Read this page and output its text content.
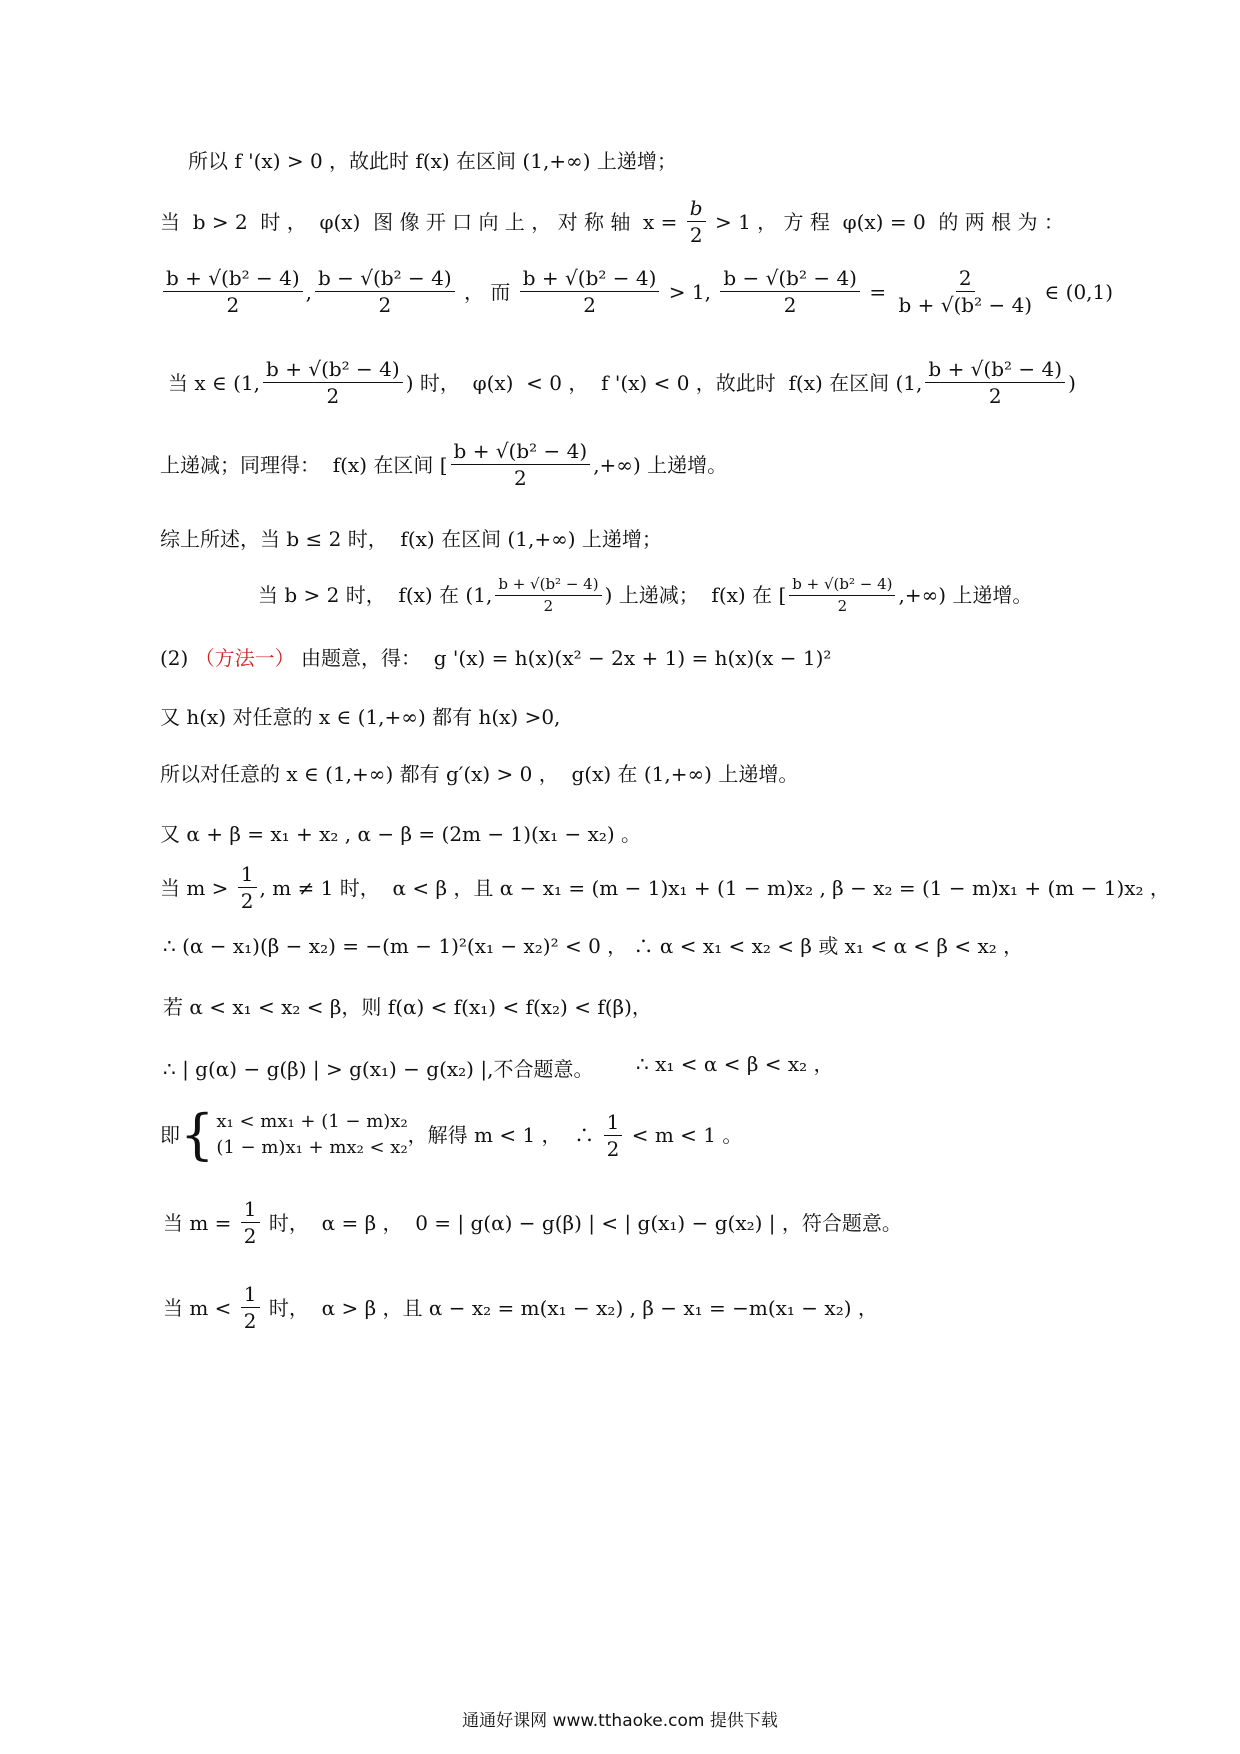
所以 f '(x) > 0 ，故此时 f(x) 在区间 (1,+∞) 上递增；
当  b > 2  时 ，  φ(x)  图 像 开 口 向 上 ， 对 称 轴  $x = \frac{b}{2} > 1$ ， 方 程  φ(x) = 0  的 两 根 为 ：
$\frac{\text{b + √(b² − 4)}}{2}$ , $\frac{\text{b − √(b² − 4)}}{2}$ ， 而 $\frac{\text{b + √(b² − 4)}}{2} > 1$, $\frac{\text{b − √(b² − 4)}}{2} = \frac{2}{\text{b + √(b² − 4)}}$ ∈ (0,1)
当 x ∈ (1, $\frac{\text{b + √(b² − 4)}}{2}$ ) 时，  φ(x)  < 0 ，  f '(x) < 0 ，故此时  f(x) 在区间 (1, $\frac{\text{b + √(b² − 4)}}{2}$ )
上递减；同理得：  f(x) 在区间 [ $\frac{\text{b + √(b² − 4)}}{2}$ ,+∞) 上递增。
综上所述，当 b ≤ 2 时，  f(x) 在区间 (1,+∞) 上递增；
当 b > 2 时，  f(x) 在 (1, $\frac{\text{b + √(b² − 4)}}{2}$ ) 上递减；  f(x) 在 [ $\frac{\text{b + √(b² − 4)}}{2}$ ,+∞) 上递增。
(2) （方法一） 由题意，得：  g '(x) = h(x)(x² − 2x + 1) = h(x)(x − 1)²
又 h(x) 对任意的 x ∈ (1,+∞) 都有 h(x) >0,
所以对任意的 x ∈ (1,+∞) 都有 g′(x) > 0 ，  g(x) 在 (1,+∞) 上递增。
又 α + β = x₁ + x₂ , α − β = (2m − 1)(x₁ − x₂) 。
当 $m > \frac{1}{2}$ , m ≠ 1 时，  α < β ，且 α − x₁ = (m − 1)x₁ + (1 − m)x₂ , β − x₂ = (1 − m)x₁ + (m − 1)x₂ ，
∴ (α − x₁)(β − x₂) = −(m − 1)²(x₁ − x₂)² < 0 ， ∴ α < x₁ < x₂ < β 或 x₁ < α < β < x₂ ，
若 α < x₁ < x₂ < β，则 f(α) < f(x₁) < f(x₂) < f(β)，
∴ | g(α) − g(β) | > g(x₁) − g(x₂) |,不合题意。 ∴ x₁ < α < β < x₂ ，
即 { x₁ < mx₁ + (1 − m)x₂
(1 − m)x₁ + mx₂ < x₂
，解得 m < 1 ，  ∴ $\frac{1}{2} < m < 1$ 。
当 $m = \frac{1}{2}$ 时，  α = β ，  0 = | g(α) − g(β) | < | g(x₁) − g(x₂) | ，符合题意。
当 $m < \frac{1}{2}$ 时，  α > β ，且 α − x₂ = m(x₁ − x₂) , β − x₁ = −m(x₁ − x₂) ，
通通好课网 www.tthaoke.com 提供下载
